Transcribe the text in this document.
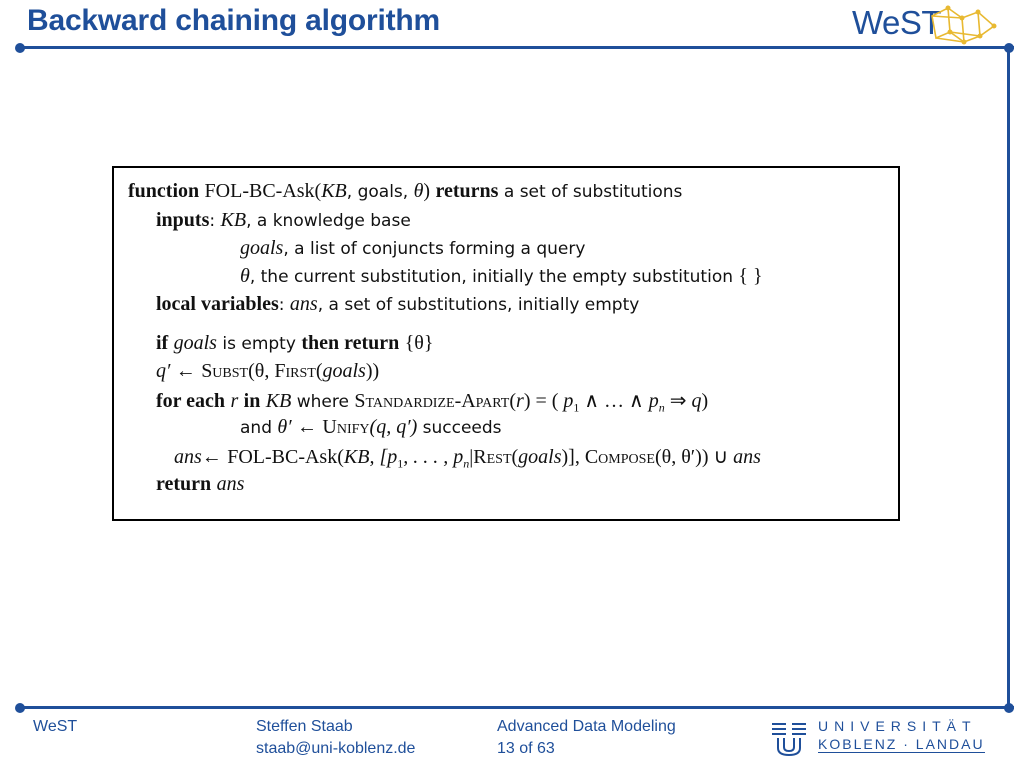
Backward chaining algorithm	WeST
function FOL-BC-Ask(KB, goals, θ) returns a set of substitutions
inputs: KB, a knowledge base
goals, a list of conjuncts forming a query
θ, the current substitution, initially the empty substitution { }
local variables: ans, a set of substitutions, initially empty
if goals is empty then return {θ}
q′ ← Subst(θ, First(goals))
for each r in KB where Standardize-Apart(r) = ( $p_1$ ∧ … ∧ $p_n$ ⇒ q)
and θ′ ← Unify(q, q′) succeeds
ans← FOL-BC-Ask(KB, [$p_1$, . . . , $p_n|Rest(goals)$], Compose(θ, θ′)) ∪ ans
return ans
WeST	Steffen Staab
staab@uni-koblenz.de
Advanced Data Modeling
13 of 63
UNIVERSITÄT
KOBLENZ · LANDAU
